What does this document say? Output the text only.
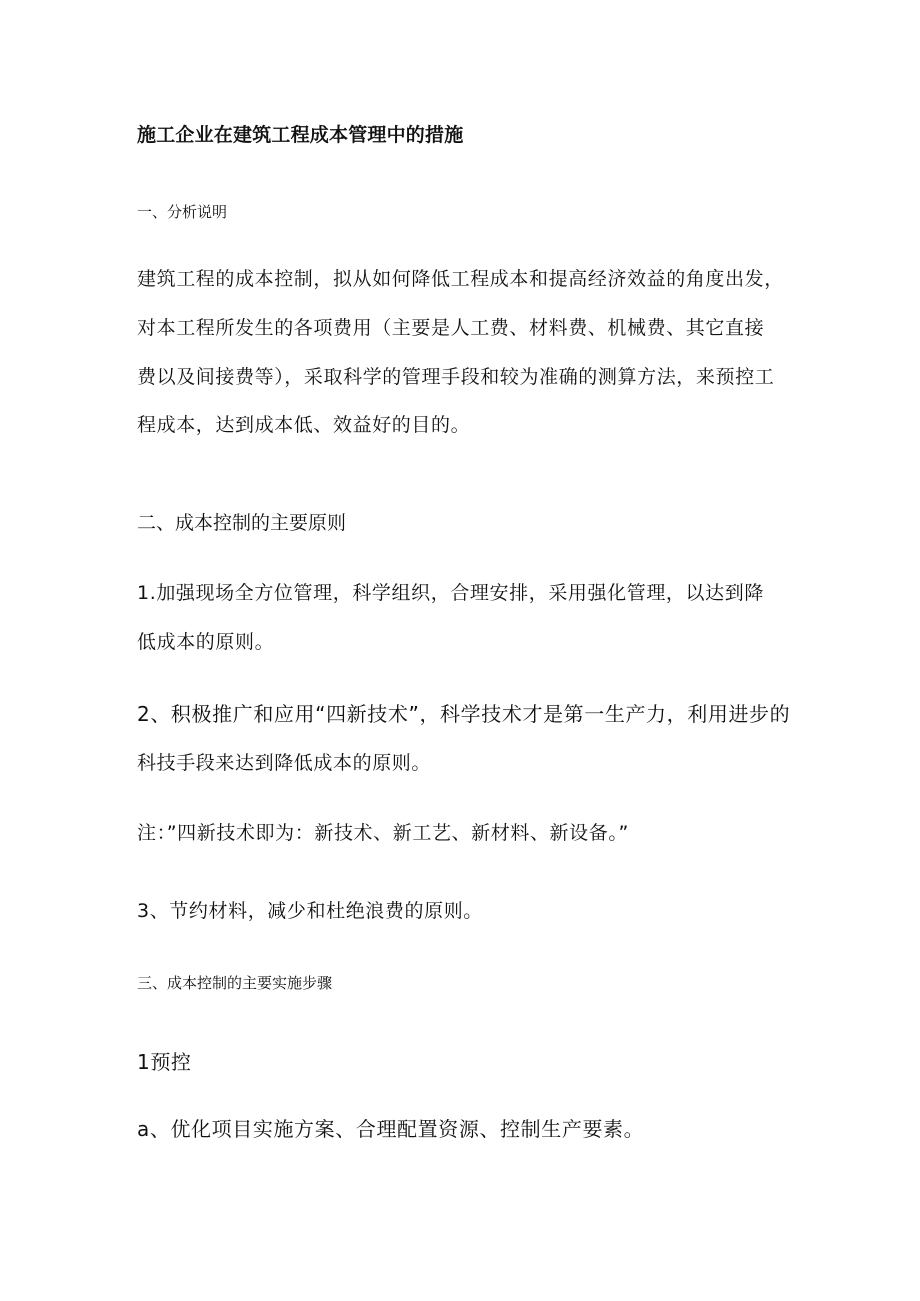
施工企业在建筑工程成本管理中的措施

一、分析说明

建筑工程的成本控制，拟从如何降低工程成本和提高经济效益的角度出发，

对本工程所发生的各项费用（主要是人工费、材料费、机械费、其它直接

费以及间接费等），采取科学的管理手段和较为准确的测算方法，来预控工

程成本，达到成本低、效益好的目的。

二、成本控制的主要原则

1.加强现场全方位管理，科学组织，合理安排，采用强化管理，以达到降

低成本的原则。

2、积极推广和应用“四新技术”，科学技术才是第一生产力，利用进步的

科技手段来达到降低成本的原则。

注：”四新技术即为：新技术、新工艺、新材料、新设备。”

3、节约材料，减少和杜绝浪费的原则。

三、成本控制的主要实施步骤

1预控

a、优化项目实施方案、合理配置资源、控制生产要素。
